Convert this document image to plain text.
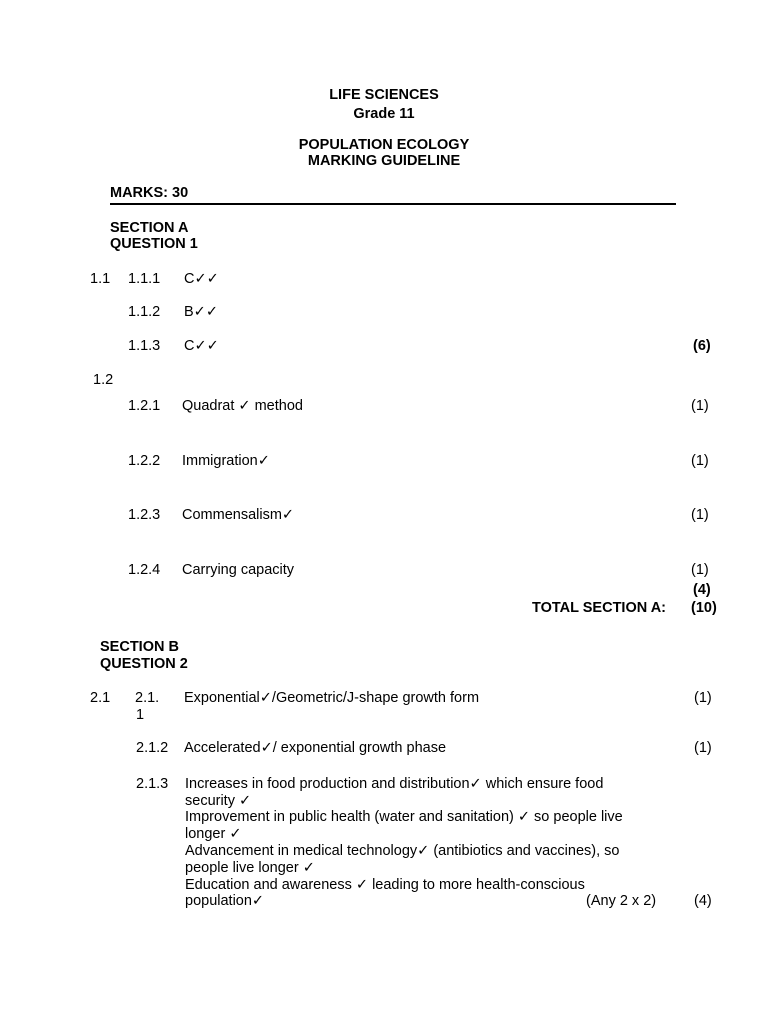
LIFE SCIENCES
Grade 11
POPULATION ECOLOGY
MARKING GUIDELINE
MARKS: 30
SECTION A
QUESTION 1
1.1 1.1.1 C✓✓
1.1.2 B✓✓
1.1.3 C✓✓	(6)
1.2
1.2.1 Quadrat ✓ method	(1)
1.2.2 Immigration✓	(1)
1.2.3 Commensalism✓	(1)
1.2.4 Carrying capacity	(1)
(4)
TOTAL SECTION A: (10)
SECTION B
QUESTION 2
2.1 2.1.
1
Exponential✓/Geometric/J-shape growth form	(1)
2.1.2 Accelerated✓/ exponential growth phase	(1)
2.1.3 Increases in food production and distribution✓ which ensure food
security ✓
Improvement in public health (water and sanitation) ✓ so people live
longer ✓
Advancement in medical technology✓ (antibiotics and vaccines), so
people live longer ✓
Education and awareness ✓ leading to more health-conscious
population✓	(Any 2 x 2)	(4)
